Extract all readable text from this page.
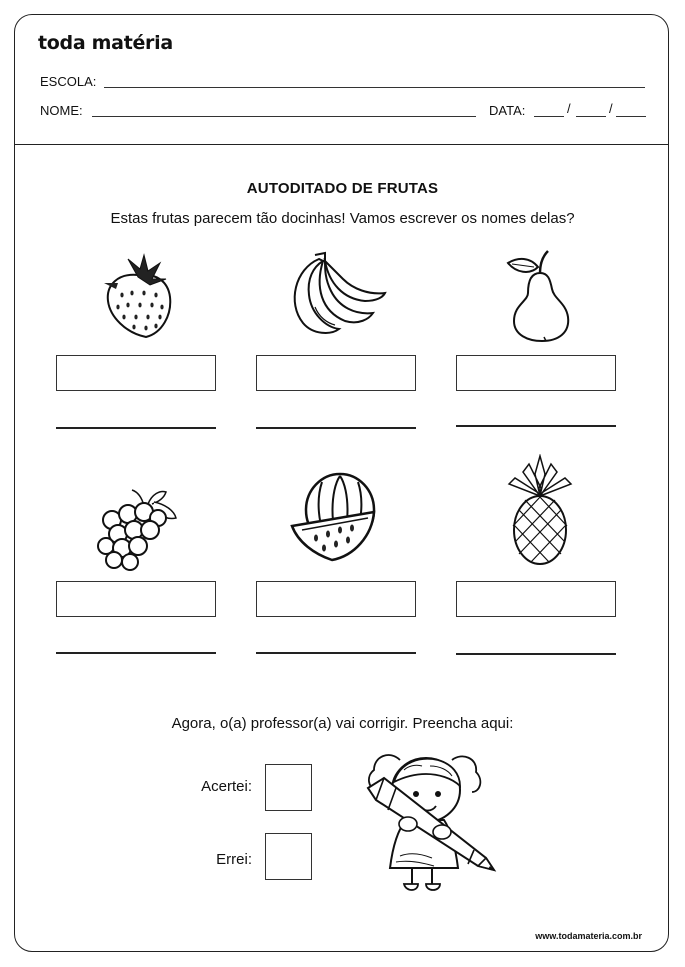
toda matéria
ESCOLA:
NOME:	DATA:	/	/
AUTODITADO DE FRUTAS
Estas frutas parecem tão docinhas! Vamos escrever os nomes delas?
Agora, o(a) professor(a) vai corrigir. Preencha aqui:
Acertei:
Errei:
www.todamateria.com.br
